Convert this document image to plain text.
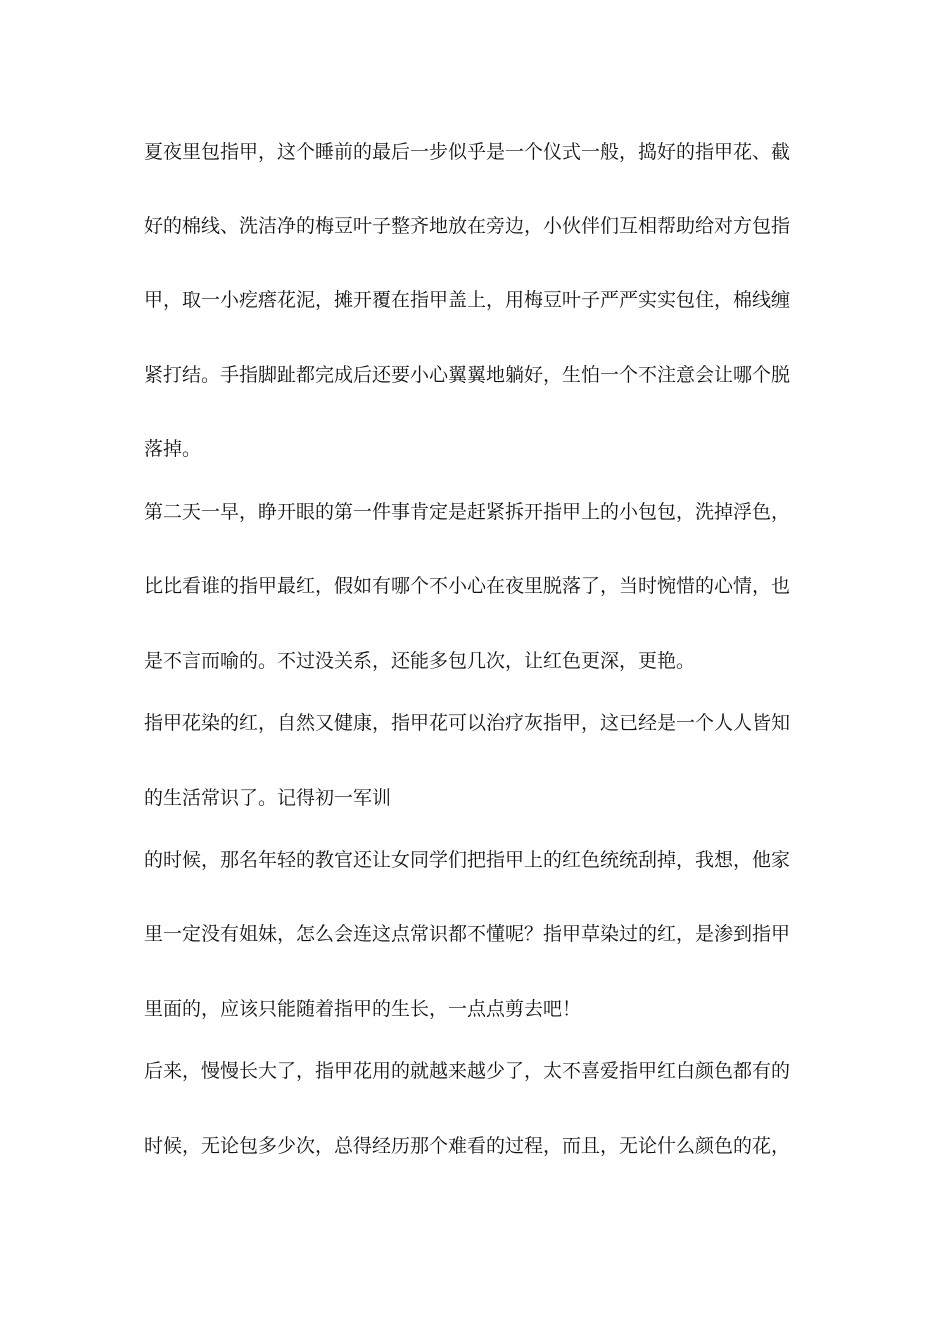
夏夜里包指甲，这个睡前的最后一步似乎是一个仪式一般，捣好的指甲花、截
好的棉线、洗洁净的梅豆叶子整齐地放在旁边，小伙伴们互相帮助给对方包指
甲，取一小疙瘩花泥，摊开覆在指甲盖上，用梅豆叶子严严实实包住，棉线缠
紧打结。手指脚趾都完成后还要小心翼翼地躺好，生怕一个不注意会让哪个脱
落掉。
第二天一早，睁开眼的第一件事肯定是赶紧拆开指甲上的小包包，洗掉浮色，
比比看谁的指甲最红，假如有哪个不小心在夜里脱落了，当时惋惜的心情，也
是不言而喻的。不过没关系，还能多包几次，让红色更深，更艳。
指甲花染的红，自然又健康，指甲花可以治疗灰指甲，这已经是一个人人皆知
的生活常识了。记得初一军训
的时候，那名年轻的教官还让女同学们把指甲上的红色统统刮掉，我想，他家
里一定没有姐妹，怎么会连这点常识都不懂呢？指甲草染过的红，是渗到指甲
里面的，应该只能随着指甲的生长，一点点剪去吧！
后来，慢慢长大了，指甲花用的就越来越少了，太不喜爱指甲红白颜色都有的
时候，无论包多少次，总得经历那个难看的过程，而且，无论什么颜色的花，
